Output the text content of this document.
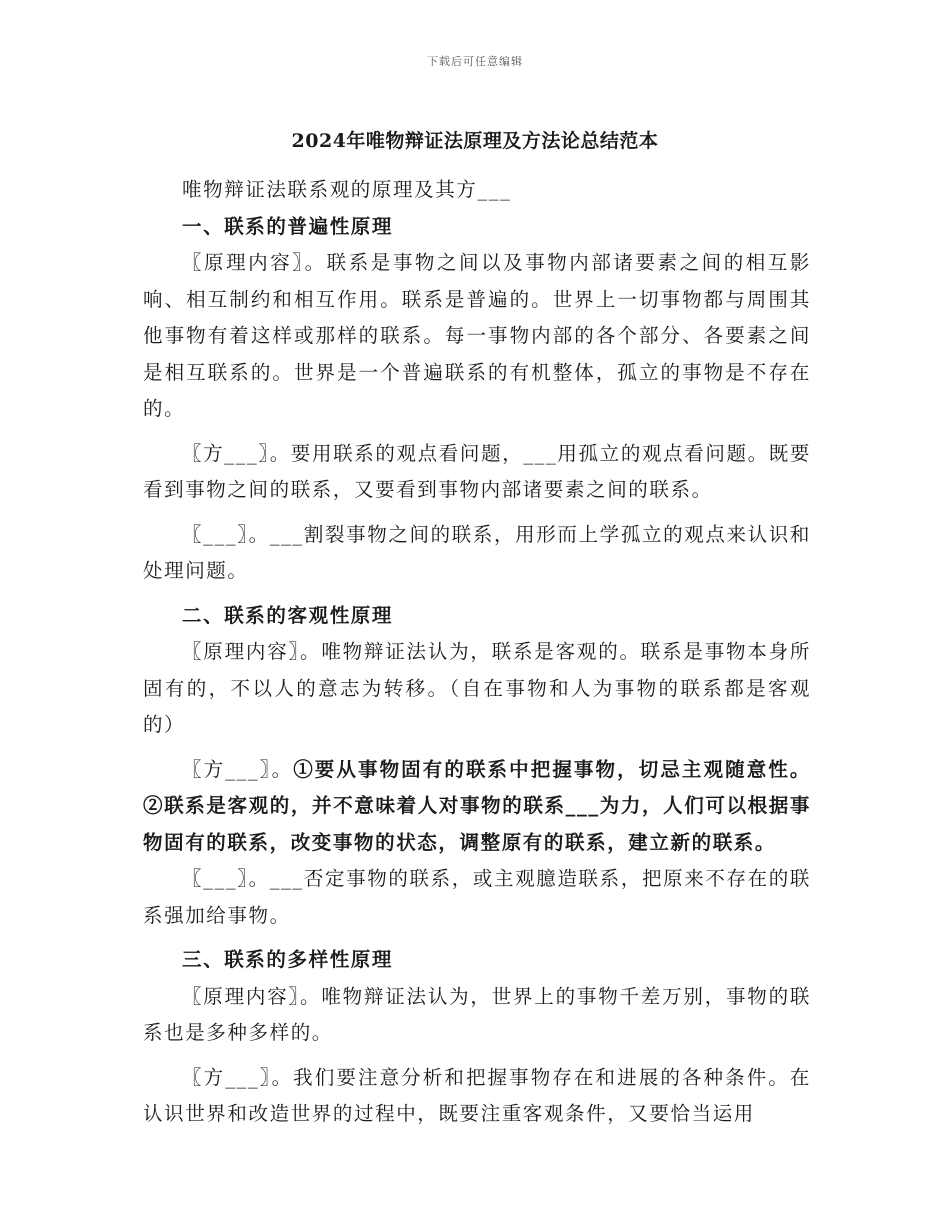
下载后可任意编辑
2024年唯物辩证法原理及方法论总结范本

唯物辩证法联系观的原理及其方___

一、联系的普遍性原理

〖原理内容〗。联系是事物之间以及事物内部诸要素之间的相互影响、相互制约和相互作用。联系是普遍的。世界上一切事物都与周围其他事物有着这样或那样的联系。每一事物内部的各个部分、各要素之间是相互联系的。世界是一个普遍联系的有机整体，孤立的事物是不存在的。

〖方___〗。要用联系的观点看问题，___用孤立的观点看问题。既要看到事物之间的联系，又要看到事物内部诸要素之间的联系。

〖___〗。___割裂事物之间的联系，用形而上学孤立的观点来认识和处理问题。

二、联系的客观性原理

〖原理内容〗。唯物辩证法认为，联系是客观的。联系是事物本身所固有的，不以人的意志为转移。（自在事物和人为事物的联系都是客观的）

〖方___〗。①要从事物固有的联系中把握事物，切忌主观随意性。②联系是客观的，并不意味着人对事物的联系___为力，人们可以根据事物固有的联系，改变事物的状态，调整原有的联系，建立新的联系。

〖___〗。___否定事物的联系，或主观臆造联系，把原来不存在的联系强加给事物。

三、联系的多样性原理

〖原理内容〗。唯物辩证法认为，世界上的事物千差万别，事物的联系也是多种多样的。

〖方___〗。我们要注意分析和把握事物存在和进展的各种条件。在认识世界和改造世界的过程中，既要注重客观条件，又要恰当运用
